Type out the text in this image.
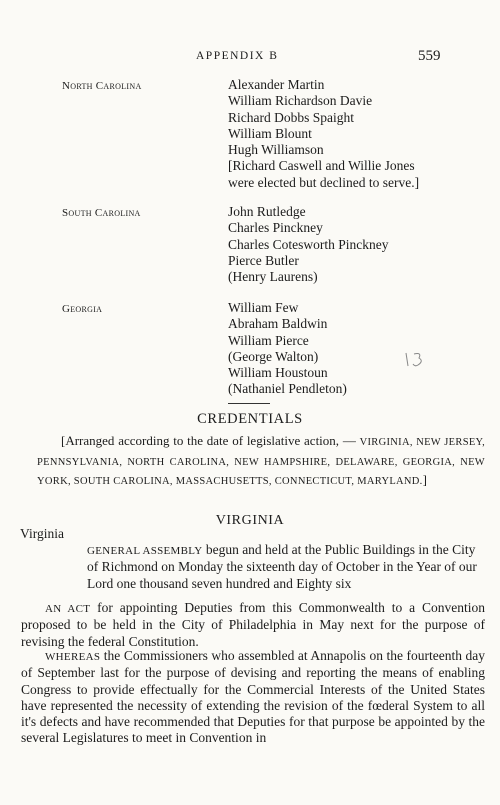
APPENDIX B	559
North Carolina	Alexander Martin
William Richardson Davie
Richard Dobbs Spaight
William Blount
Hugh Williamson
[Richard Caswell and Willie Jones
were elected but declined to serve.]
South Carolina	John Rutledge
Charles Pinckney
Charles Cotesworth Pinckney
Pierce Butler
(Henry Laurens)
Georgia	William Few
Abraham Baldwin
William Pierce
(George Walton)
William Houstoun
(Nathaniel Pendleton)
CREDENTIALS

[Arranged according to the date of legislative action, — VIRGINIA, NEW JERSEY, PENNSYLVANIA, NORTH CAROLINA, NEW HAMPSHIRE, DELAWARE, GEORGIA, NEW YORK, SOUTH CAROLINA, MASSACHUSETTS, CONNECTICUT, MARYLAND.]

VIRGINIA
Virginia

GENERAL ASSEMBLY begun and held at the Public Buildings in the City of Richmond on Monday the sixteenth day of October in the Year of our Lord one thousand seven hundred and Eighty six

AN ACT for appointing Deputies from this Commonwealth to a Convention proposed to be held in the City of Philadelphia in May next for the purpose of revising the federal Constitution.

WHEREAS the Commissioners who assembled at Annapolis on the fourteenth day of September last for the purpose of devising and reporting the means of enabling Congress to provide effectually for the Commercial Interests of the United States have represented the necessity of extending the revision of the fœderal System to all it's defects and have recommended that Deputies for that purpose be appointed by the several Legislatures to meet in Convention in
